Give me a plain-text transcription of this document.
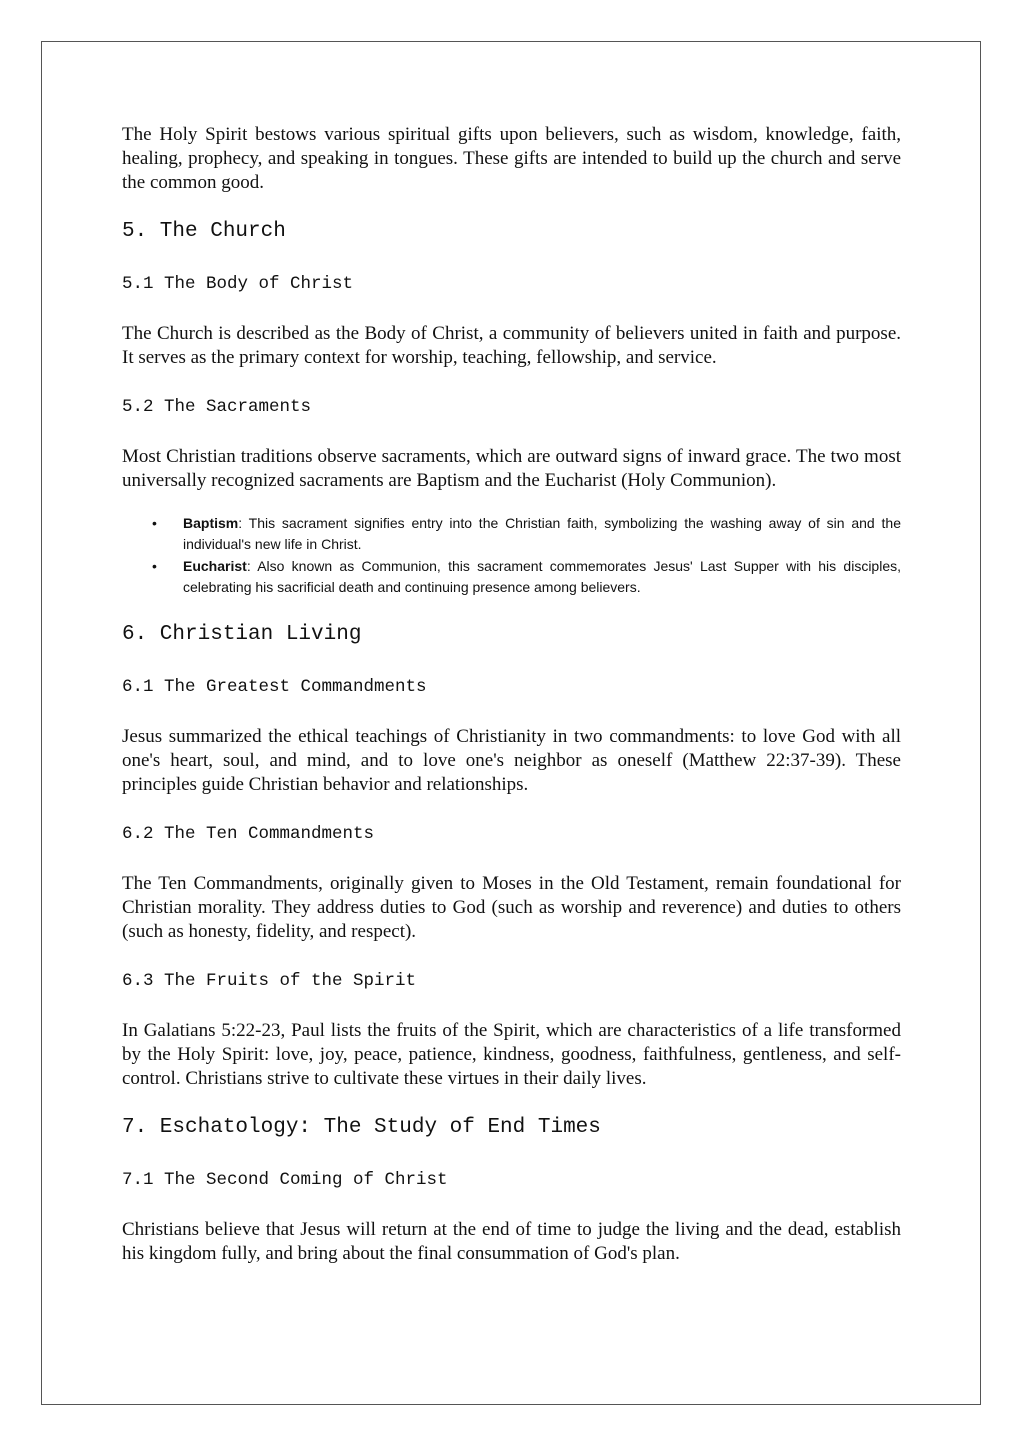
The Holy Spirit bestows various spiritual gifts upon believers, such as wisdom, knowledge, faith, healing, prophecy, and speaking in tongues. These gifts are intended to build up the church and serve the common good.

5. The Church
5.1 The Body of Christ

The Church is described as the Body of Christ, a community of believers united in faith and purpose. It serves as the primary context for worship, teaching, fellowship, and service.

5.2 The Sacraments

Most Christian traditions observe sacraments, which are outward signs of inward grace. The two most universally recognized sacraments are Baptism and the Eucharist (Holy Communion).

• Baptism: This sacrament signifies entry into the Christian faith, symbolizing the washing away of sin and the individual's new life in Christ.
• Eucharist: Also known as Communion, this sacrament commemorates Jesus' Last Supper with his disciples, celebrating his sacrificial death and continuing presence among believers.
6. Christian Living
6.1 The Greatest Commandments

Jesus summarized the ethical teachings of Christianity in two commandments: to love God with all one's heart, soul, and mind, and to love one's neighbor as oneself (Matthew 22:37-39). These principles guide Christian behavior and relationships.

6.2 The Ten Commandments

The Ten Commandments, originally given to Moses in the Old Testament, remain foundational for Christian morality. They address duties to God (such as worship and reverence) and duties to others (such as honesty, fidelity, and respect).

6.3 The Fruits of the Spirit

In Galatians 5:22-23, Paul lists the fruits of the Spirit, which are characteristics of a life transformed by the Holy Spirit: love, joy, peace, patience, kindness, goodness, faithfulness, gentleness, and self-control. Christians strive to cultivate these virtues in their daily lives.

7. Eschatology: The Study of End Times
7.1 The Second Coming of Christ

Christians believe that Jesus will return at the end of time to judge the living and the dead, establish his kingdom fully, and bring about the final consummation of God's plan.
